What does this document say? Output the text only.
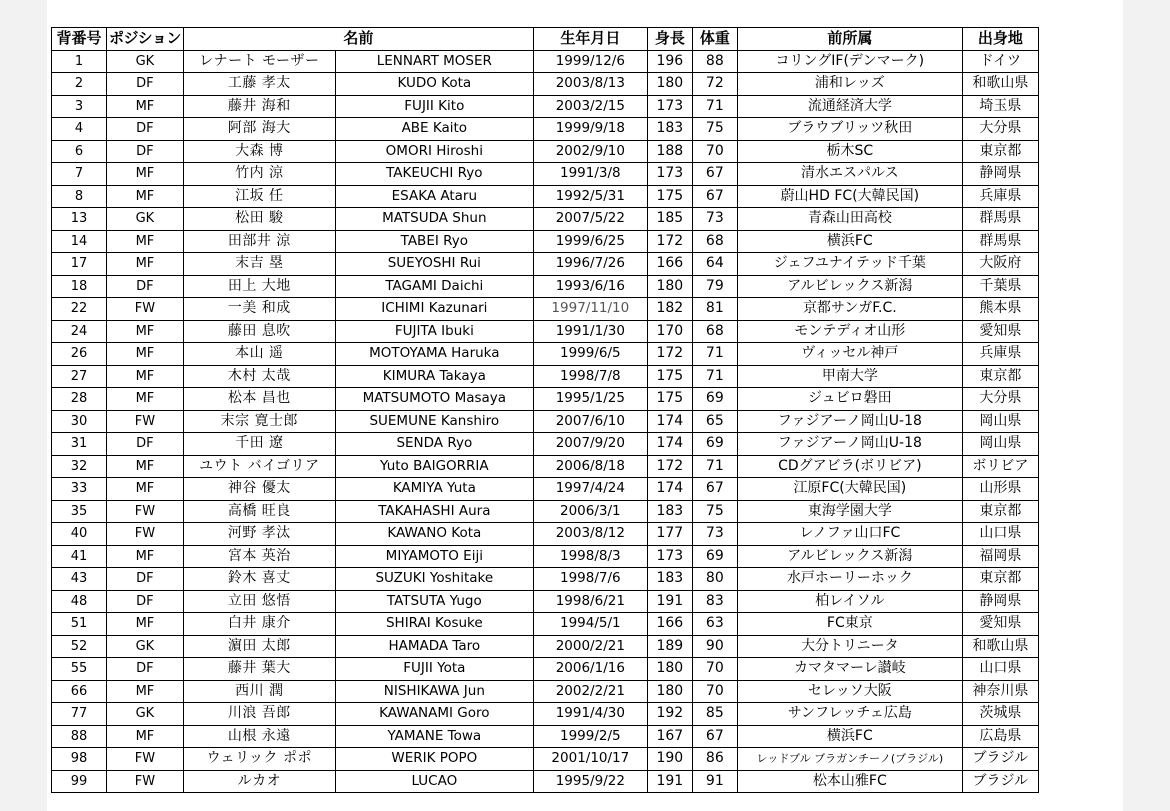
背番号	ポジション	名前		生年月日	身長	体重	前所属	出身地
1	GK	レナート モーザー	LENNART MOSER	1999/12/6	196	88	コリングIF(デンマーク)	ドイツ
2	DF	工藤 孝太	KUDO Kota	2003/8/13	180	72	浦和レッズ	和歌山県
3	MF	藤井 海和	FUJII Kito	2003/2/15	173	71	流通経済大学	埼玉県
4	DF	阿部 海大	ABE Kaito	1999/9/18	183	75	ブラウブリッツ秋田	大分県
6	DF	大森 博	OMORI Hiroshi	2002/9/10	188	70	栃木SC	東京都
7	MF	竹内 涼	TAKEUCHI Ryo	1991/3/8	173	67	清水エスパルス	静岡県
8	MF	江坂 任	ESAKA Ataru	1992/5/31	175	67	蔚山HD FC(大韓民国)	兵庫県
13	GK	松田 駿	MATSUDA Shun	2007/5/22	185	73	青森山田高校	群馬県
14	MF	田部井 涼	TABEI Ryo	1999/6/25	172	68	横浜FC	群馬県
17	MF	末吉 塁	SUEYOSHI Rui	1996/7/26	166	64	ジェフユナイテッド千葉	大阪府
18	DF	田上 大地	TAGAMI Daichi	1993/6/16	180	79	アルビレックス新潟	千葉県
22	FW	一美 和成	ICHIMI Kazunari	1997/11/10	182	81	京都サンガF.C.	熊本県
24	MF	藤田 息吹	FUJITA Ibuki	1991/1/30	170	68	モンテディオ山形	愛知県
26	MF	本山 遥	MOTOYAMA Haruka	1999/6/5	172	71	ヴィッセル神戸	兵庫県
27	MF	木村 太哉	KIMURA Takaya	1998/7/8	175	71	甲南大学	東京都
28	MF	松本 昌也	MATSUMOTO Masaya	1995/1/25	175	69	ジュビロ磐田	大分県
30	FW	末宗 寛士郎	SUEMUNE Kanshiro	2007/6/10	174	65	ファジアーノ岡山U-18	岡山県
31	DF	千田 遼	SENDA Ryo	2007/9/20	174	69	ファジアーノ岡山U-18	岡山県
32	MF	ユウト バイゴリア	Yuto BAIGORRIA	2006/8/18	172	71	CDグアビラ(ボリビア)	ボリビア
33	MF	神谷 優太	KAMIYA Yuta	1997/4/24	174	67	江原FC(大韓民国)	山形県
35	FW	高橋 旺良	TAKAHASHI Aura	2006/3/1	183	75	東海学園大学	東京都
40	FW	河野 孝汰	KAWANO Kota	2003/8/12	177	73	レノファ山口FC	山口県
41	MF	宮本 英治	MIYAMOTO Eiji	1998/8/3	173	69	アルビレックス新潟	福岡県
43	DF	鈴木 喜丈	SUZUKI Yoshitake	1998/7/6	183	80	水戸ホーリーホック	東京都
48	DF	立田 悠悟	TATSUTA Yugo	1998/6/21	191	83	柏レイソル	静岡県
51	MF	白井 康介	SHIRAI Kosuke	1994/5/1	166	63	FC東京	愛知県
52	GK	濵田 太郎	HAMADA Taro	2000/2/21	189	90	大分トリニータ	和歌山県
55	DF	藤井 葉大	FUJII Yota	2006/1/16	180	70	カマタマーレ讃岐	山口県
66	MF	西川 潤	NISHIKAWA Jun	2002/2/21	180	70	セレッソ大阪	神奈川県
77	GK	川浪 吾郎	KAWANAMI Goro	1991/4/30	192	85	サンフレッチェ広島	茨城県
88	MF	山根 永遠	YAMANE Towa	1999/2/5	167	67	横浜FC	広島県
98	FW	ウェリック ポポ	WERIK POPO	2001/10/17	190	86	レッドブル ブラガンチーノ(ブラジル)	ブラジル
99	FW	ルカオ	LUCAO	1995/9/22	191	91	松本山雅FC	ブラジル
